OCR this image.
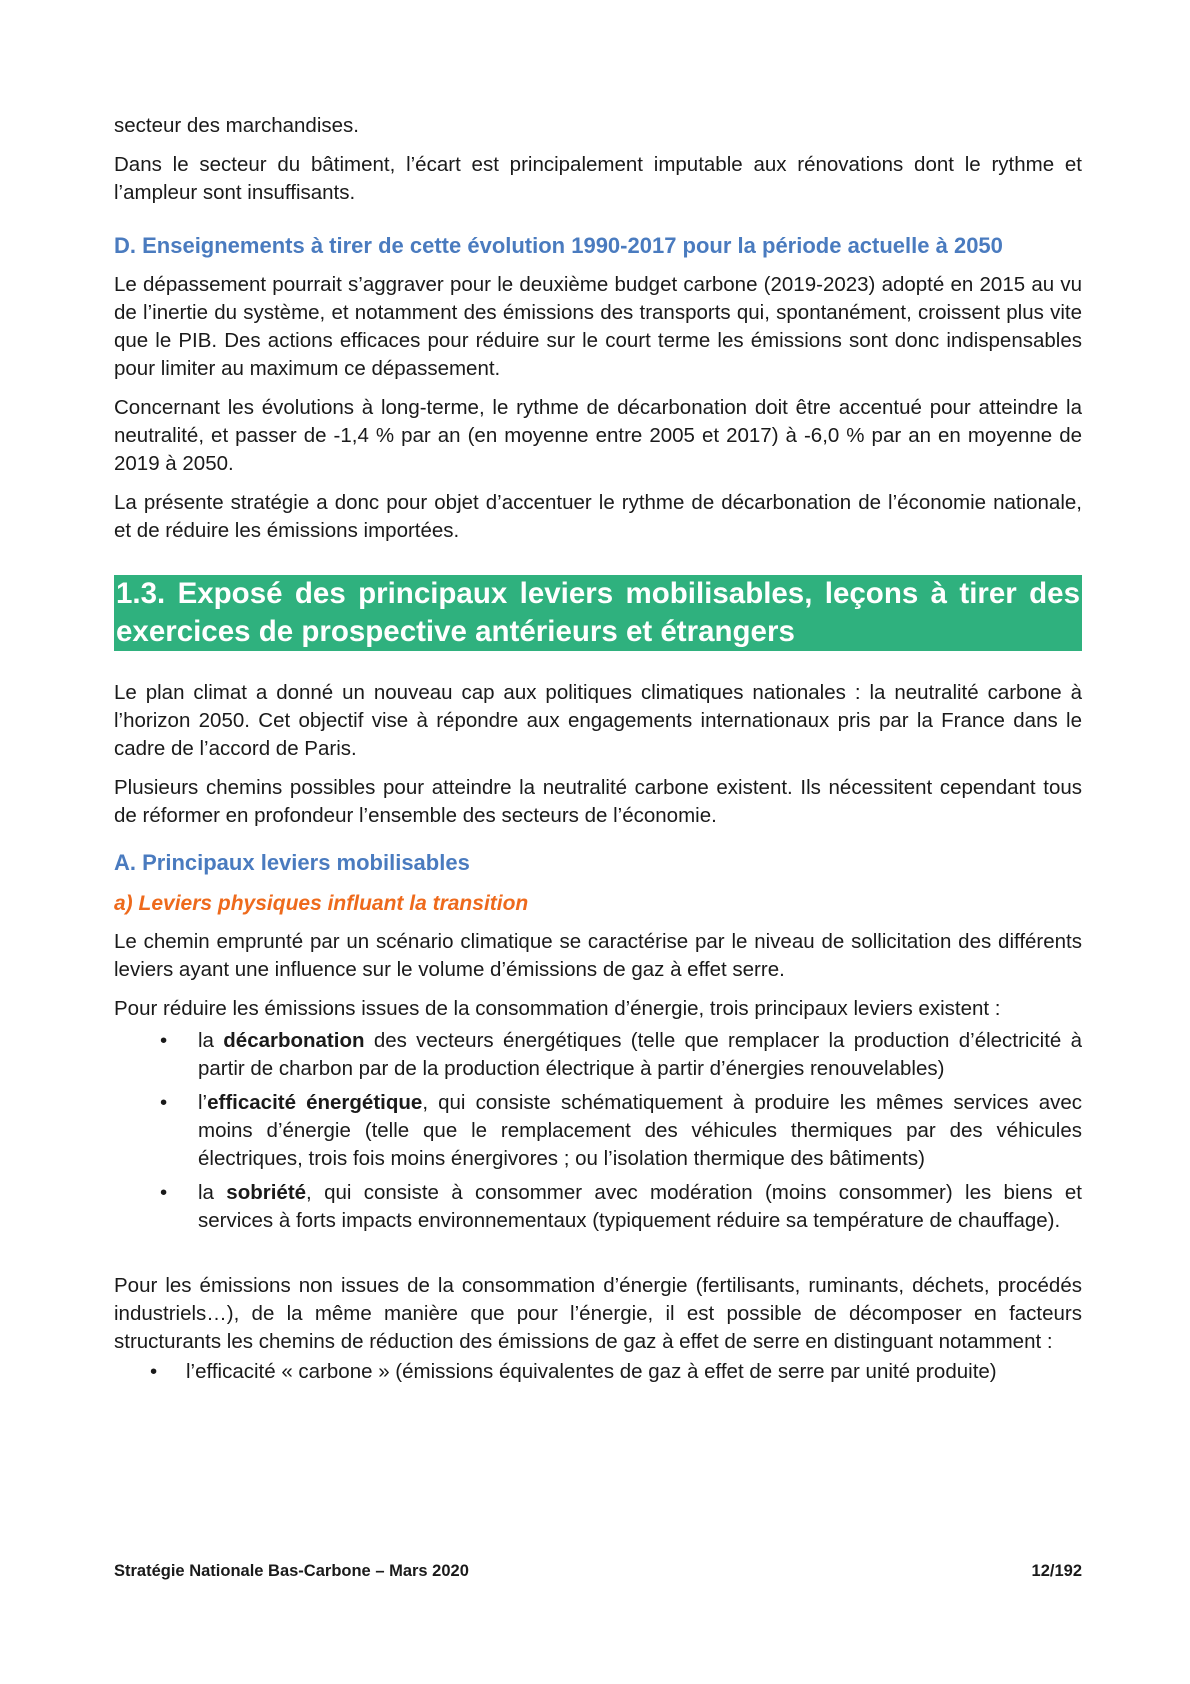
secteur des marchandises.

Dans le secteur du bâtiment, l’écart est principalement imputable aux rénovations dont le rythme et l’ampleur sont insuffisants.

D. Enseignements à tirer de cette évolution 1990-2017 pour la période actuelle à 2050

Le dépassement pourrait s’aggraver pour le deuxième budget carbone (2019-2023) adopté en 2015 au vu de l’inertie du système, et notamment des émissions des transports qui, spontanément, croissent plus vite que le PIB. Des actions efficaces pour réduire sur le court terme les émissions sont donc indispensables pour limiter au maximum ce dépassement.

Concernant les évolutions à long-terme, le rythme de décarbonation doit être accentué pour atteindre la neutralité, et passer de -1,4 % par an (en moyenne entre 2005 et 2017) à -6,0 % par an en moyenne de 2019 à 2050.

La présente stratégie a donc pour objet d’accentuer le rythme de décarbonation de l’économie nationale, et de réduire les émissions importées.

1.3. Exposé des principaux leviers mobilisables, leçons à tirer des exercices de prospective antérieurs et étrangers

Le plan climat a donné un nouveau cap aux politiques climatiques nationales : la neutralité carbone à l’horizon 2050. Cet objectif vise à répondre aux engagements internationaux pris par la France dans le cadre de l’accord de Paris.

Plusieurs chemins possibles pour atteindre la neutralité carbone existent. Ils nécessitent cependant tous de réformer en profondeur l’ensemble des secteurs de l’économie.

A. Principaux leviers mobilisables
a) Leviers physiques influant la transition

Le chemin emprunté par un scénario climatique se caractérise par le niveau de sollicitation des différents leviers ayant une influence sur le volume d’émissions de gaz à effet serre.

Pour réduire les émissions issues de la consommation d’énergie, trois principaux leviers existent :

• la décarbonation des vecteurs énergétiques (telle que remplacer la production d’électricité à partir de charbon par de la production électrique à partir d’énergies renouvelables)
• l’efficacité énergétique, qui consiste schématiquement à produire les mêmes services avec moins d’énergie (telle que le remplacement des véhicules thermiques par des véhicules électriques, trois fois moins énergivores ; ou l’isolation thermique des bâtiments)
• la sobriété, qui consiste à consommer avec modération (moins consommer) les biens et services à forts impacts environnementaux (typiquement réduire sa température de chauffage).

Pour les émissions non issues de la consommation d’énergie (fertilisants, ruminants, déchets, procédés industriels…), de la même manière que pour l’énergie, il est possible de décomposer en facteurs structurants les chemins de réduction des émissions de gaz à effet de serre en distinguant notamment :

• l’efficacité « carbone » (émissions équivalentes de gaz à effet de serre par unité produite)
Stratégie Nationale Bas-Carbone – Mars 2020	12/192
